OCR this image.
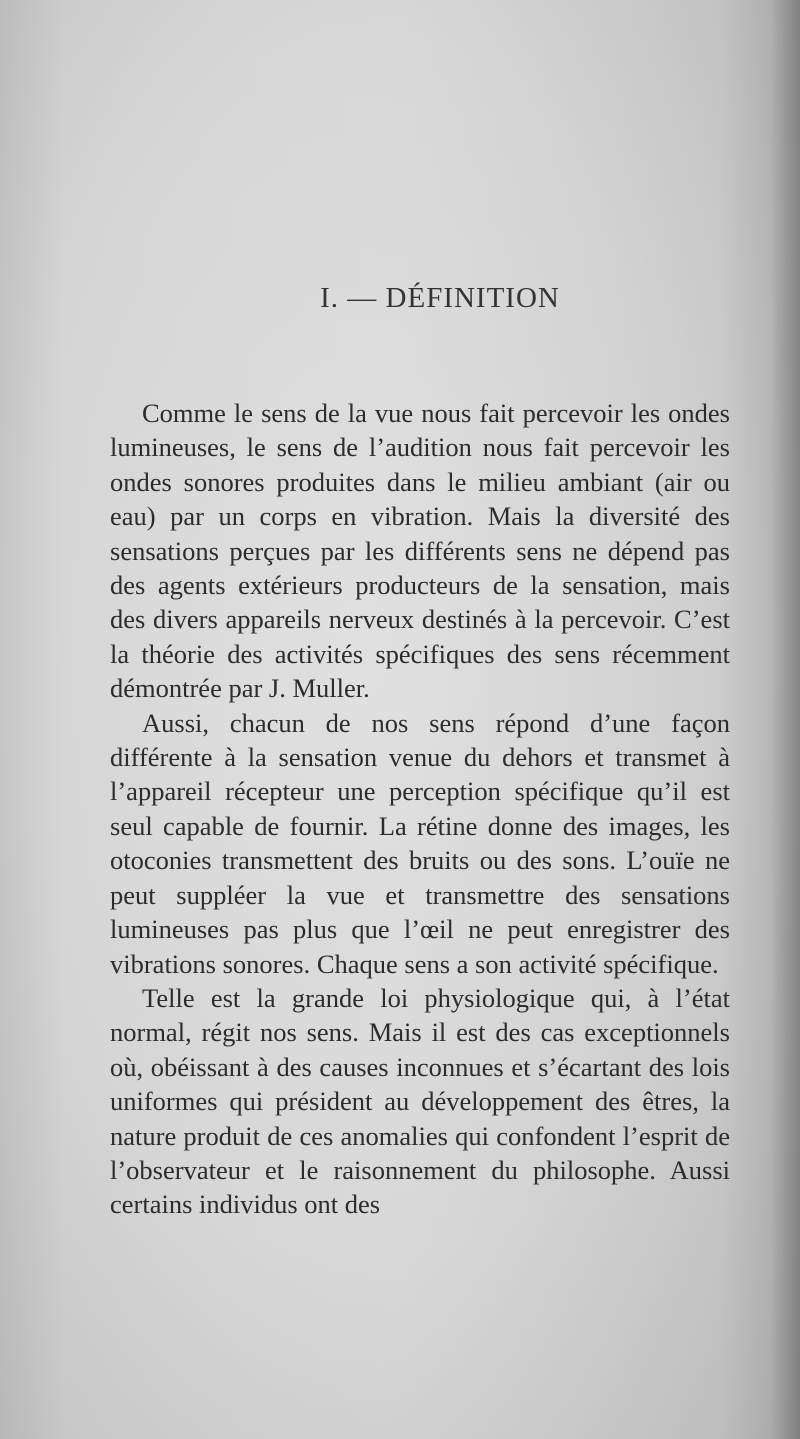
I. — DÉFINITION

Comme le sens de la vue nous fait percevoir les ondes lumineuses, le sens de l’audition nous fait percevoir les ondes sonores produites dans le milieu ambiant (air ou eau) par un corps en vibration. Mais la diversité des sensations perçues par les différents sens ne dépend pas des agents extérieurs producteurs de la sensation, mais des divers appareils nerveux destinés à la percevoir. C’est la théorie des activités spécifiques des sens récemment démontrée par J. Muller.

Aussi, chacun de nos sens répond d’une façon différente à la sensation venue du dehors et transmet à l’appareil récepteur une perception spécifique qu’il est seul capable de fournir. La rétine donne des images, les otoconies transmettent des bruits ou des sons. L’ouïe ne peut suppléer la vue et transmettre des sensations lumineuses pas plus que l’œil ne peut enregistrer des vibrations sonores. Chaque sens a son activité spécifique.

Telle est la grande loi physiologique qui, à l’état normal, régit nos sens. Mais il est des cas exceptionnels où, obéissant à des causes inconnues et s’écartant des lois uniformes qui président au développement des êtres, la nature produit de ces anomalies qui confondent l’esprit de l’observateur et le raisonnement du philosophe. Aussi certains individus ont des
